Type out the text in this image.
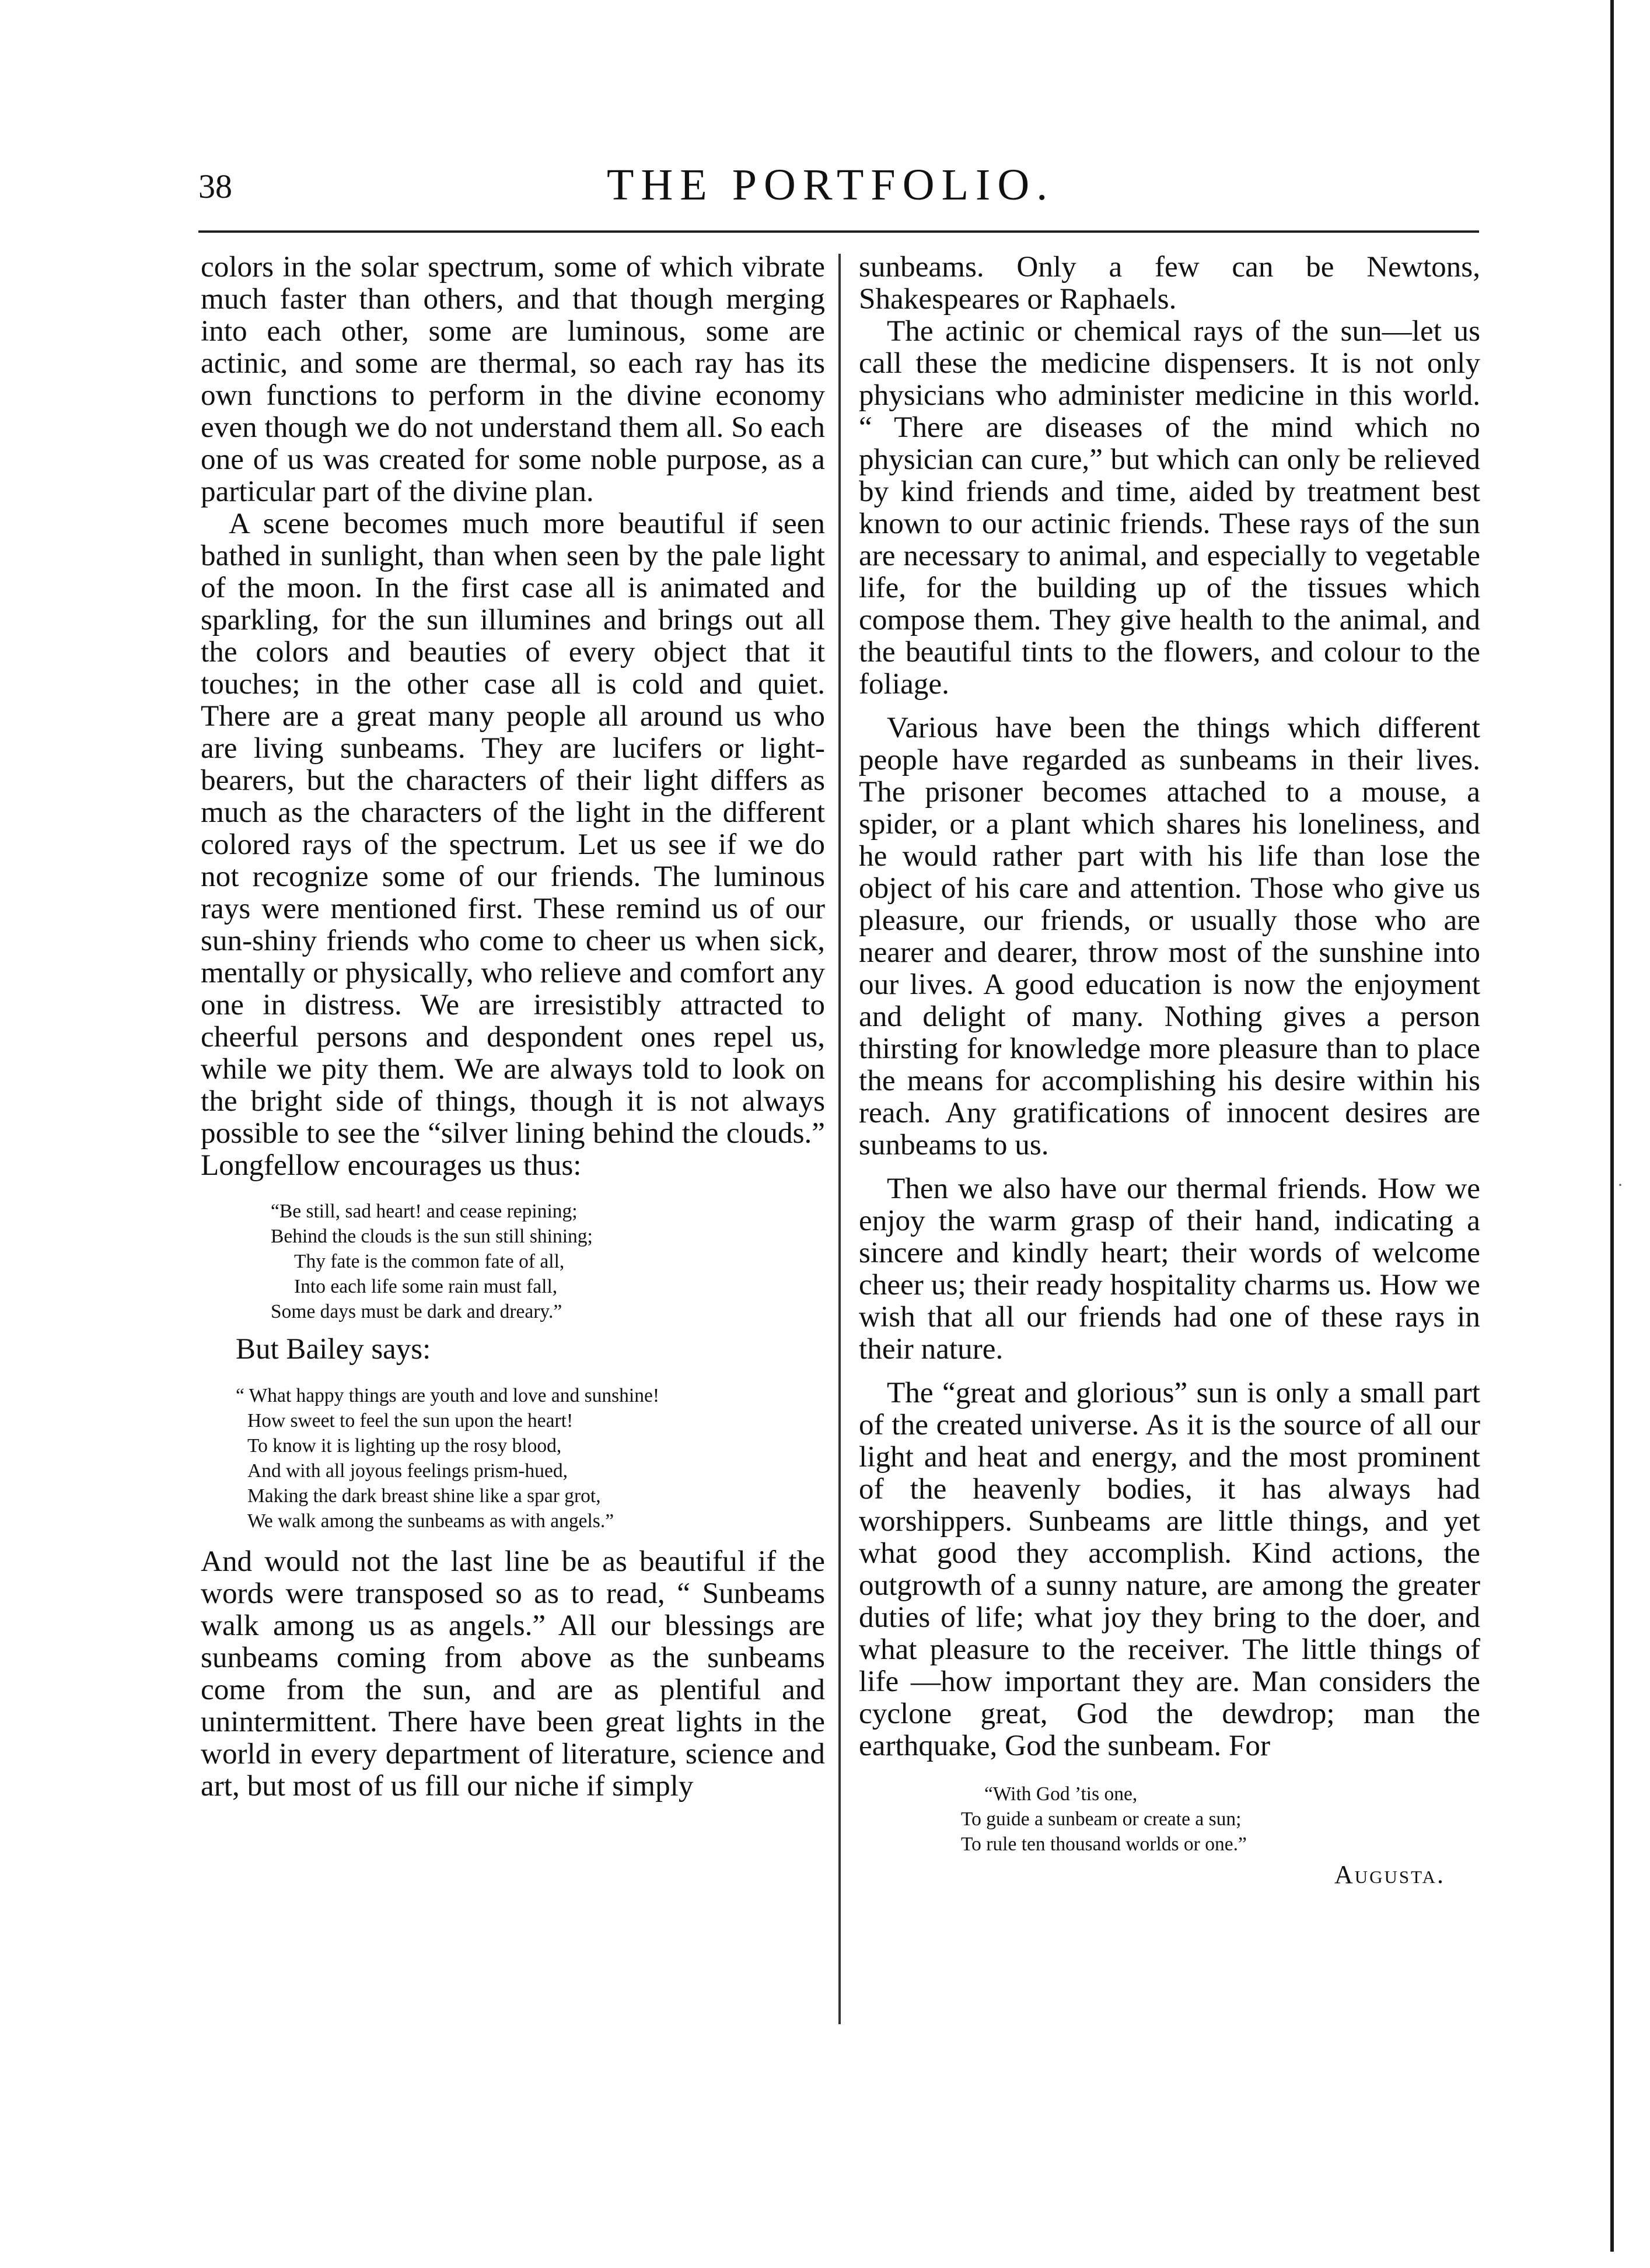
38	THE PORTFOLIO.
·

colors in the solar spectrum, some of which vibrate much faster than others, and that though merging into each other, some are luminous, some are actinic, and some are thermal, so each ray has its own functions to perform in the divine economy even though we do not understand them all. So each one of us was created for some noble purpose, as a particular part of the divine plan.

A scene becomes much more beautiful if seen bathed in sunlight, than when seen by the pale light of the moon. In the first case all is animated and sparkling, for the sun illumines and brings out all the colors and beauties of every object that it touches; in the other case all is cold and quiet. There are a great many people all around us who are living sunbeams. They are lucifers or light-bearers, but the characters of their light differs as much as the characters of the light in the different colored rays of the spectrum. Let us see if we do not recognize some of our friends. The luminous rays were mentioned first. These remind us of our sun-shiny friends who come to cheer us when sick, mentally or physically, who relieve and comfort any one in distress. We are irresistibly attracted to cheerful persons and despondent ones repel us, while we pity them. We are always told to look on the bright side of things, though it is not always possible to see the “silver lining behind the clouds.” Longfellow encourages us thus:

“Be still, sad heart! and cease repining;
Behind the clouds is the sun still shining;
Thy fate is the common fate of all,
Into each life some rain must fall,
Some days must be dark and dreary.”
But Bailey says:
“ What happy things are youth and love and sunshine!
How sweet to feel the sun upon the heart!
To know it is lighting up the rosy blood,
And with all joyous feelings prism-hued,
Making the dark breast shine like a spar grot,
We walk among the sunbeams as with angels.”

And would not the last line be as beautiful if the words were transposed so as to read, “ Sunbeams walk among us as angels.” All our blessings are sunbeams coming from above as the sunbeams come from the sun, and are as plentiful and unintermittent. There have been great lights in the world in every department of literature, science and art, but most of us fill our niche if simply

sunbeams. Only a few can be Newtons, Shakespeares or Raphaels.

The actinic or chemical rays of the sun—let us call these the medicine dispensers. It is not only physicians who administer medicine in this world. “ There are diseases of the mind which no physician can cure,” but which can only be relieved by kind friends and time, aided by treatment best known to our actinic friends. These rays of the sun are necessary to animal, and especially to vegetable life, for the building up of the tissues which compose them. They give health to the animal, and the beautiful tints to the flowers, and colour to the foliage.

Various have been the things which different people have regarded as sunbeams in their lives. The prisoner becomes attached to a mouse, a spider, or a plant which shares his loneliness, and he would rather part with his life than lose the object of his care and attention. Those who give us pleasure, our friends, or usually those who are nearer and dearer, throw most of the sunshine into our lives. A good education is now the enjoyment and delight of many. Nothing gives a person thirsting for knowledge more pleasure than to place the means for accomplishing his desire within his reach. Any gratifications of innocent desires are sunbeams to us.

Then we also have our thermal friends. How we enjoy the warm grasp of their hand, indicating a sincere and kindly heart; their words of welcome cheer us; their ready hospitality charms us. How we wish that all our friends had one of these rays in their nature.

The “great and glorious” sun is only a small part of the created universe. As it is the source of all our light and heat and energy, and the most prominent of the heavenly bodies, it has always had worshippers. Sunbeams are little things, and yet what good they accomplish. Kind actions, the outgrowth of a sunny nature, are among the greater duties of life; what joy they bring to the doer, and what pleasure to the receiver. The little things of life —how important they are. Man considers the cyclone great, God the dewdrop; man the earthquake, God the sunbeam. For

“With God ’tis one,
To guide a sunbeam or create a sun;
To rule ten thousand worlds or one.”
Augusta.
